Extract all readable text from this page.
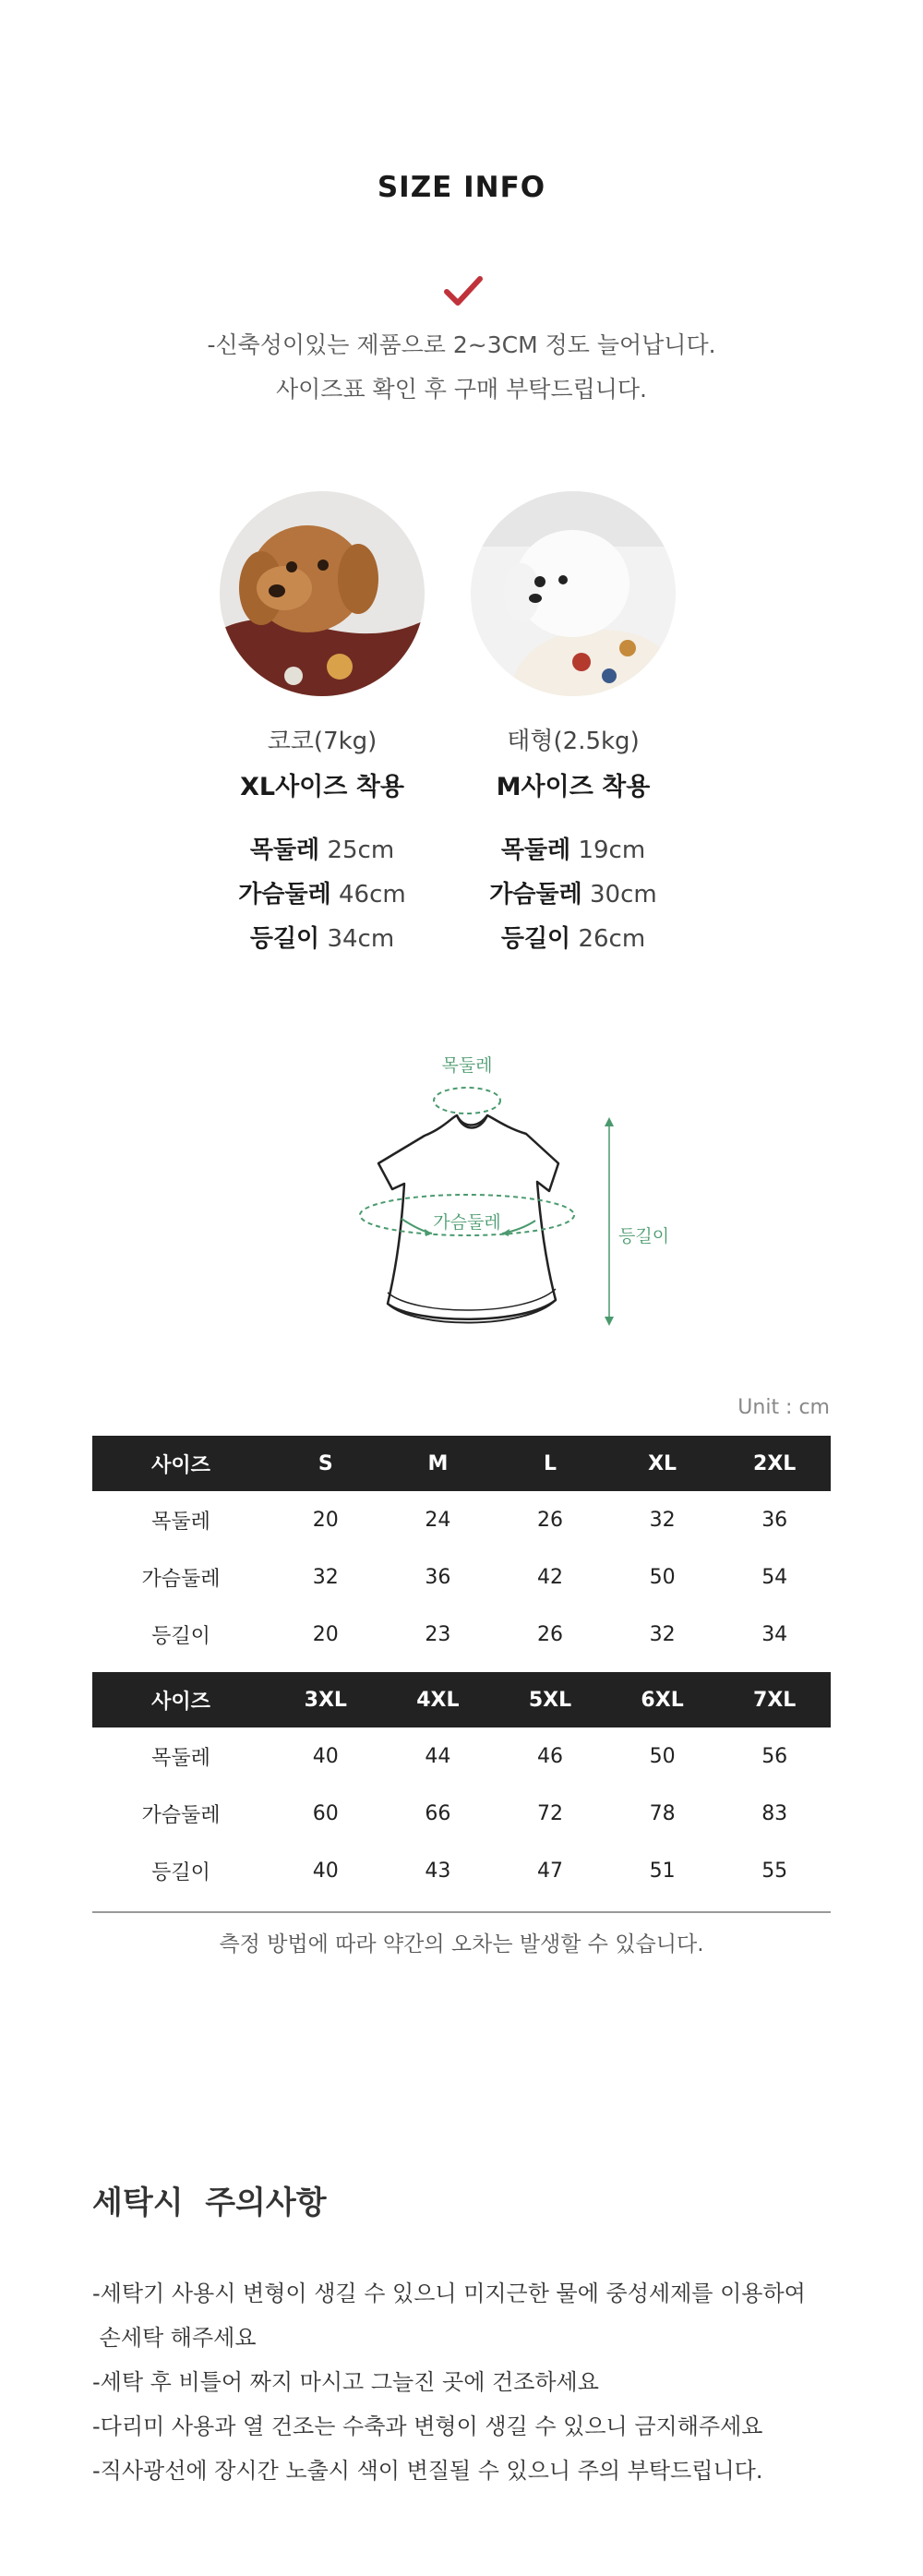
SIZE INFO
-신축성이있는 제품으로 2~3CM 정도 늘어납니다.
사이즈표 확인 후 구매 부탁드립니다.
코코(7kg)
XL사이즈 착용
목둘레 25cm
가슴둘레 46cm
등길이 34cm
태형(2.5kg)
M사이즈 착용
목둘레 19cm
가슴둘레 30cm
등길이 26cm
목둘레
가슴둘레
등길이
Unit : cm
사이즈	S	M	L	XL	2XL
목둘레	20	24	26	32	36
가슴둘레	32	36	42	50	54
등길이	20	23	26	32	34
사이즈	3XL	4XL	5XL	6XL	7XL
목둘레	40	44	46	50	56
가슴둘레	60	66	72	78	83
등길이	40	43	47	51	55
측정 방법에 따라 약간의 오차는 발생할 수 있습니다.
세탁시  주의사항
-세탁기 사용시 변형이 생길 수 있으니 미지근한 물에 중성세제를 이용하여
손세탁 해주세요
-세탁 후 비틀어 짜지 마시고 그늘진 곳에 건조하세요
-다리미 사용과 열 건조는 수축과 변형이 생길 수 있으니 금지해주세요
-직사광선에 장시간 노출시 색이 변질될 수 있으니 주의 부탁드립니다.
